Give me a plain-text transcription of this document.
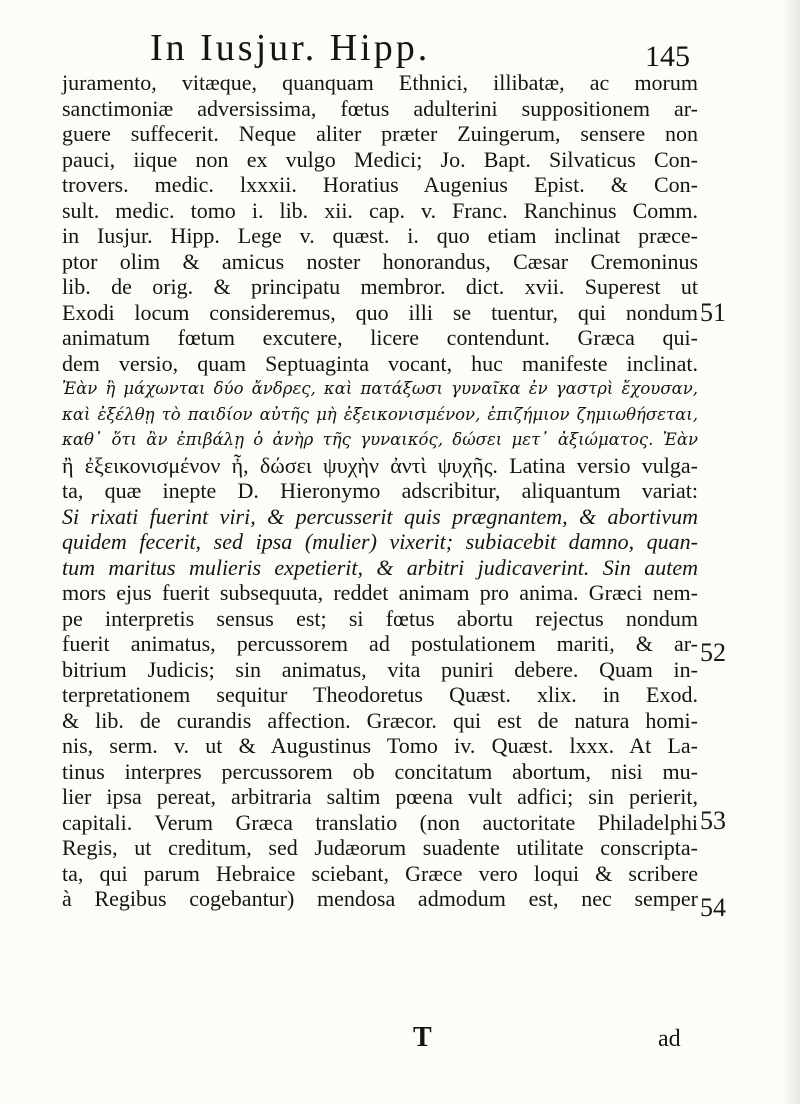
In Iusjur. Hipp.	145
juramento, vitæque, quanquam Ethnici, illibatæ, ac morum
sanctimoniæ adversissima, fœtus adulterini suppositionem ar-
guere suffecerit. Neque aliter præter Zuingerum, sensere non
pauci, iique non ex vulgo Medici; Jo. Bapt. Silvaticus Con-
trovers. medic. lxxxii. Horatius Augenius Epist. & Con-
sult. medic. tomo i. lib. xii. cap. v. Franc. Ranchinus Comm.
in Iusjur. Hipp. Lege v. quæst. i. quo etiam inclinat præce-
ptor olim & amicus noster honorandus, Cæsar Cremoninus
lib. de orig. & principatu membror. dict. xvii. Superest ut
Exodi locum consideremus, quo illi se tuentur, qui nondum
animatum fœtum excutere, licere contendunt. Græca qui-
dem versio, quam Septuaginta vocant, huc manifeste inclinat.
Ἐὰν ἢ μάχωνται δύο ἄνδρες, καὶ πατάξωσι γυναῖκα ἐν γαστρὶ ἔχουσαν,
καὶ ἐξέλθῃ τὸ παιδίον αὐτῆς μὴ ἐξεικονισμένον, ἐπιζήμιον ζημιωθήσεται,
καθ᾽ ὅτι ἂν ἐπιβάλῃ ὁ ἀνὴρ τῆς γυναικός, δώσει μετ᾽ ἀξιώματος. Ἐὰν
ἢ ἐξεικονισμένον ἦ, δώσει ψυχὴν ἀντὶ ψυχῆς. Latina versio vulga-
ta, quæ inepte D. Hieronymo adscribitur, aliquantum variat:
Si rixati fuerint viri, & percusserit quis prægnantem, & abortivum
quidem fecerit, sed ipsa (mulier) vixerit; subiacebit damno, quan-
tum maritus mulieris expetierit, & arbitri judicaverint. Sin autem
mors ejus fuerit subsequuta, reddet animam pro anima. Græci nem-
pe interpretis sensus est; si fœtus abortu rejectus nondum
fuerit animatus, percussorem ad postulationem mariti, & ar-
bitrium Judicis; sin animatus, vita puniri debere. Quam in-
terpretationem sequitur Theodoretus Quæst. xlix. in Exod.
& lib. de curandis affection. Græcor. qui est de natura homi-
nis, serm. v. ut & Augustinus Tomo iv. Quæst. lxxx. At La-
tinus interpres percussorem ob concitatum abortum, nisi mu-
lier ipsa pereat, arbitraria saltim pœena vult adfici; sin perierit,
capitali. Verum Græca translatio (non auctoritate Philadelphi
Regis, ut creditum, sed Judæorum suadente utilitate conscripta-
ta, qui parum Hebraice sciebant, Græce vero loqui & scribere
à Regibus cogebantur) mendosa admodum est, nec semper
51
52
53
54
T	ad
